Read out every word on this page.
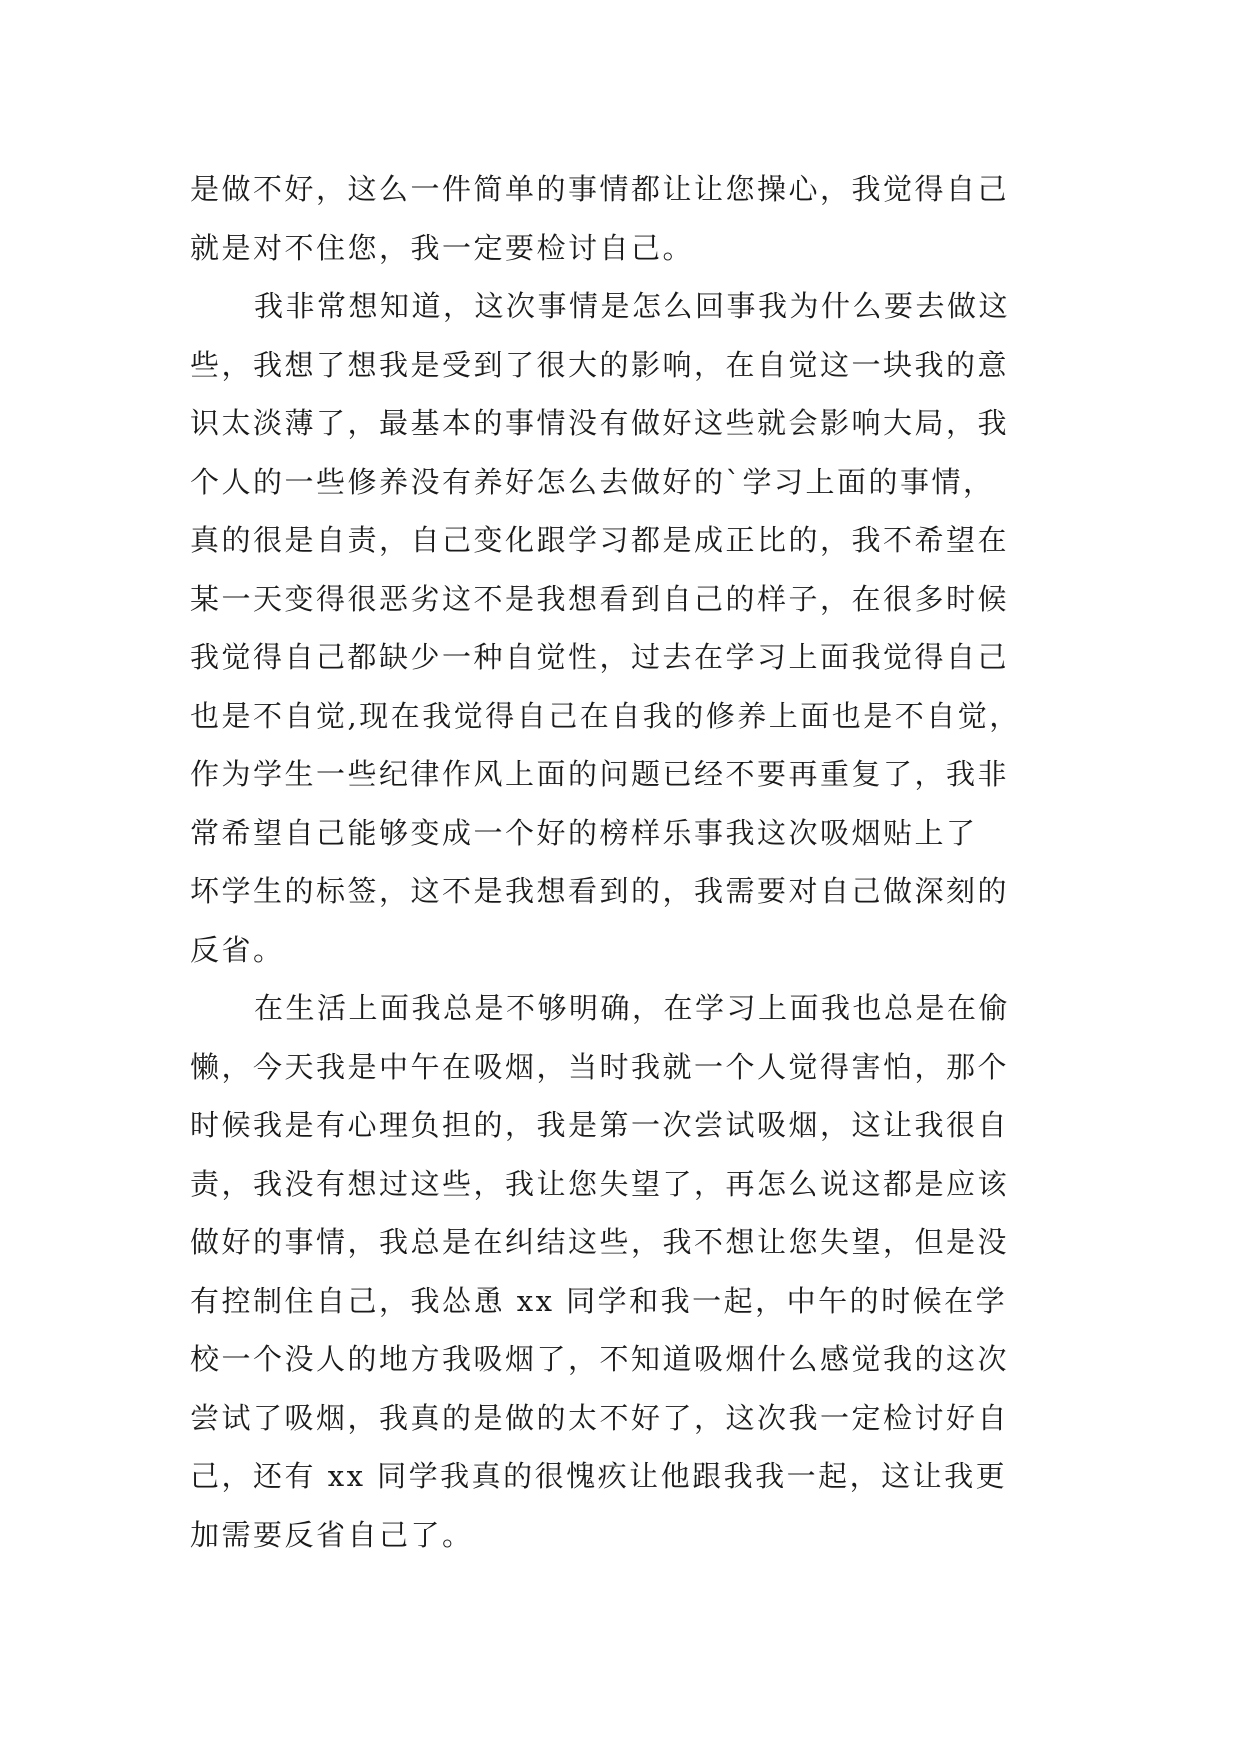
是做不好，这么一件简单的事情都让让您操心，我觉得自己
就是对不住您，我一定要检讨自己。

我非常想知道，这次事情是怎么回事我为什么要去做这
些，我想了想我是受到了很大的影响，在自觉这一块我的意
识太淡薄了，最基本的事情没有做好这些就会影响大局，我
个人的一些修养没有养好怎么去做好的`学习上面的事情，
真的很是自责，自己变化跟学习都是成正比的，我不希望在
某一天变得很恶劣这不是我想看到自己的样子，在很多时候
我觉得自己都缺少一种自觉性，过去在学习上面我觉得自己
也是不自觉,现在我觉得自己在自我的修养上面也是不自觉，
作为学生一些纪律作风上面的问题已经不要再重复了，我非
常希望自己能够变成一个好的榜样乐事我这次吸烟贴上了
坏学生的标签，这不是我想看到的，我需要对自己做深刻的
反省。

在生活上面我总是不够明确，在学习上面我也总是在偷
懒，今天我是中午在吸烟，当时我就一个人觉得害怕，那个
时候我是有心理负担的，我是第一次尝试吸烟，这让我很自
责，我没有想过这些，我让您失望了，再怎么说这都是应该
做好的事情，我总是在纠结这些，我不想让您失望，但是没
有控制住自己，我怂恿 xx 同学和我一起，中午的时候在学
校一个没人的地方我吸烟了，不知道吸烟什么感觉我的这次
尝试了吸烟，我真的是做的太不好了，这次我一定检讨好自
己，还有 xx 同学我真的很愧疚让他跟我我一起，这让我更
加需要反省自己了。
